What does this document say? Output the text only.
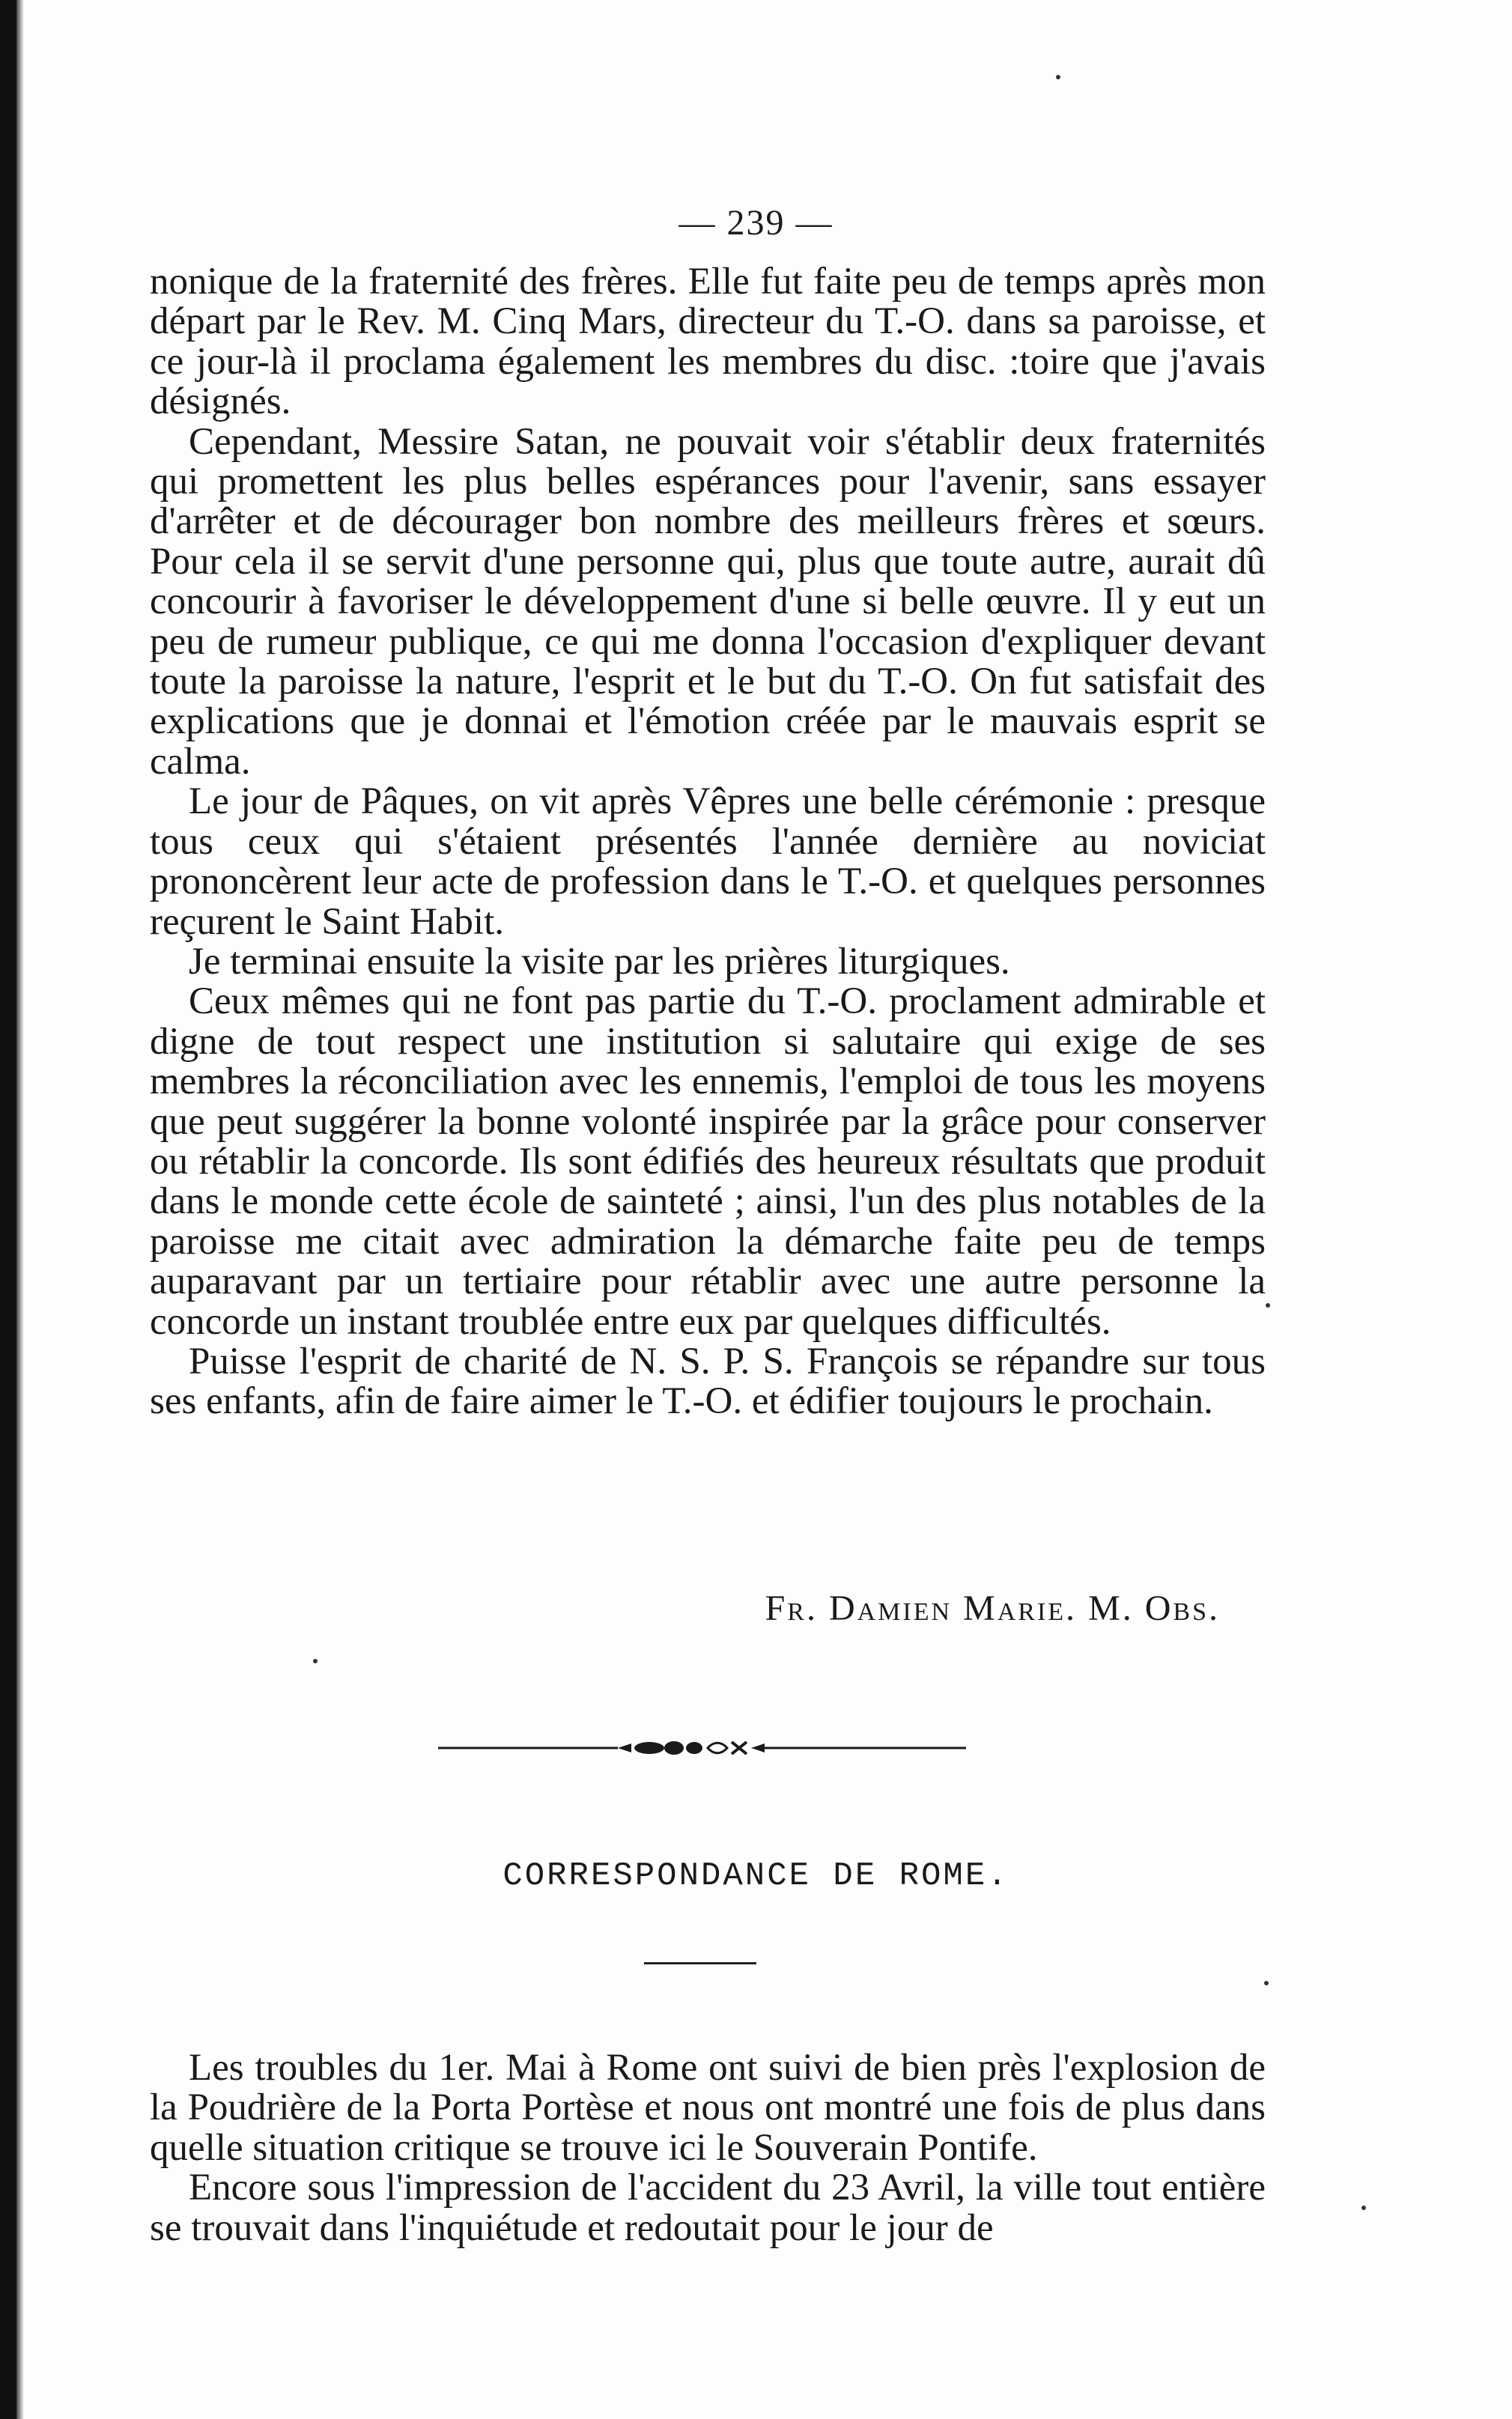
— 239 —

nonique de la fraternité des frères. Elle fut faite peu de temps après mon départ par le Rev. M. Cinq Mars, directeur du T.-O. dans sa paroisse, et ce jour-là il proclama également les membres du disc. :toire que j'avais désignés.

Cependant, Messire Satan, ne pouvait voir s'établir deux fraternités qui promettent les plus belles espérances pour l'avenir, sans essayer d'arrêter et de décourager bon nombre des meilleurs frères et sœurs. Pour cela il se servit d'une personne qui, plus que toute autre, aurait dû concourir à favoriser le développement d'une si belle œuvre. Il y eut un peu de rumeur publique, ce qui me donna l'occasion d'expliquer devant toute la paroisse la nature, l'esprit et le but du T.-O. On fut satisfait des explications que je donnai et l'émotion créée par le mauvais esprit se calma.

Le jour de Pâques, on vit après Vêpres une belle cérémonie : presque tous ceux qui s'étaient présentés l'année dernière au noviciat prononcèrent leur acte de profession dans le T.-O. et quelques personnes reçurent le Saint Habit.

Je terminai ensuite la visite par les prières liturgiques.

Ceux mêmes qui ne font pas partie du T.-O. proclament admirable et digne de tout respect une institution si salutaire qui exige de ses membres la réconciliation avec les ennemis, l'emploi de tous les moyens que peut suggérer la bonne volonté inspirée par la grâce pour conserver ou rétablir la concorde. Ils sont édifiés des heureux résultats que produit dans le monde cette école de sainteté ; ainsi, l'un des plus notables de la paroisse me citait avec admiration la démarche faite peu de temps auparavant par un tertiaire pour rétablir avec une autre personne la concorde un instant troublée entre eux par quelques difficultés.

Puisse l'esprit de charité de N. S. P. S. François se répandre sur tous ses enfants, afin de faire aimer le T.-O. et édifier toujours le prochain.

Fr. Damien Marie. M. Obs.
CORRESPONDANCE DE ROME.

Les troubles du 1er. Mai à Rome ont suivi de bien près l'explosion de la Poudrière de la Porta Portèse et nous ont montré une fois de plus dans quelle situation critique se trouve ici le Souverain Pontife.

Encore sous l'impression de l'accident du 23 Avril, la ville tout entière se trouvait dans l'inquiétude et redoutait pour le jour de
